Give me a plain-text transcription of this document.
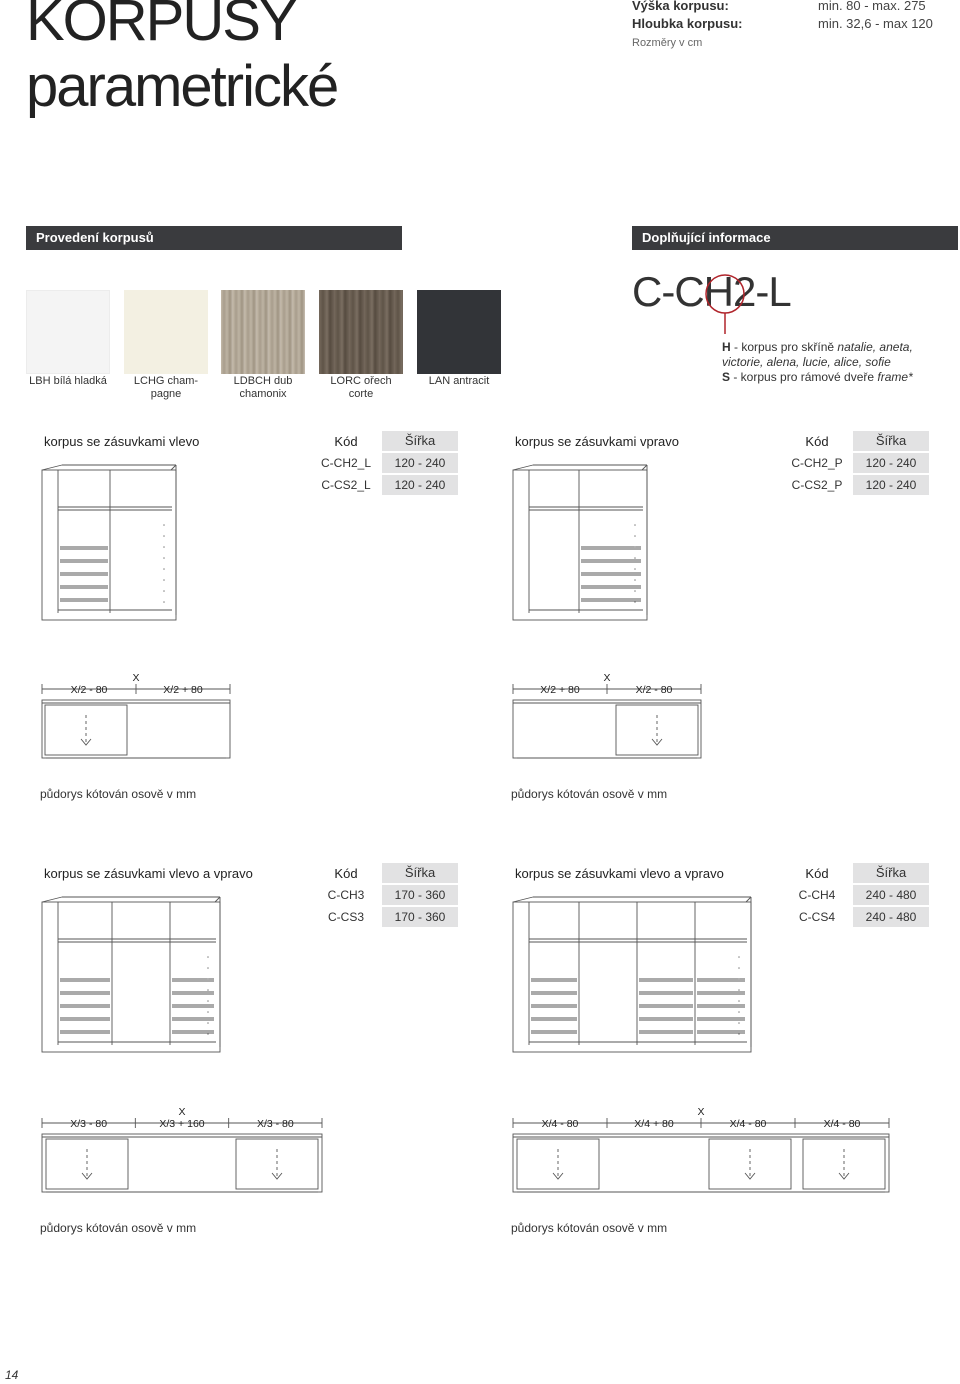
KORPUSY
parametrické
Výška korpusu:	min. 80 - max. 275
Hloubka korpusu:	min. 32,6 - max 120
Rozměry v cm
Provedení korpusů	Doplňující informace
LBH bílá hladká	LCHG cham-
pagne
LDBCH dub
chamonix
LORC ořech
corte
LAN antracit
C-CH2-L
H - korpus pro skříně natalie, aneta,
victorie, alena, lucie, alice, sofie
S - korpus pro rámové dveře frame*
korpus se zásuvkami vlevo	Kód	Šířka
C-CH2_L	120 - 240
C-CS2_L	120 - 240
X/2 - 80	X/2 + 80
X
půdorys kótován osově v mm
korpus se zásuvkami vpravo	Kód	Šířka
C-CH2_P	120 - 240
C-CS2_P	120 - 240
X/2 + 80	X/2 - 80
X
půdorys kótován osově v mm
korpus se zásuvkami vlevo a vpravo	Kód	Šířka
C-CH3	170 - 360
C-CS3	170 - 360
X/3 - 80	X/3 + 160	X/3 - 80
X
půdorys kótován osově v mm
korpus se zásuvkami vlevo a vpravo	Kód	Šířka
C-CH4	240 - 480
C-CS4	240 - 480
X/4 - 80	X/4 + 80	X/4 - 80	X/4 - 80
X
půdorys kótován osově v mm
14
